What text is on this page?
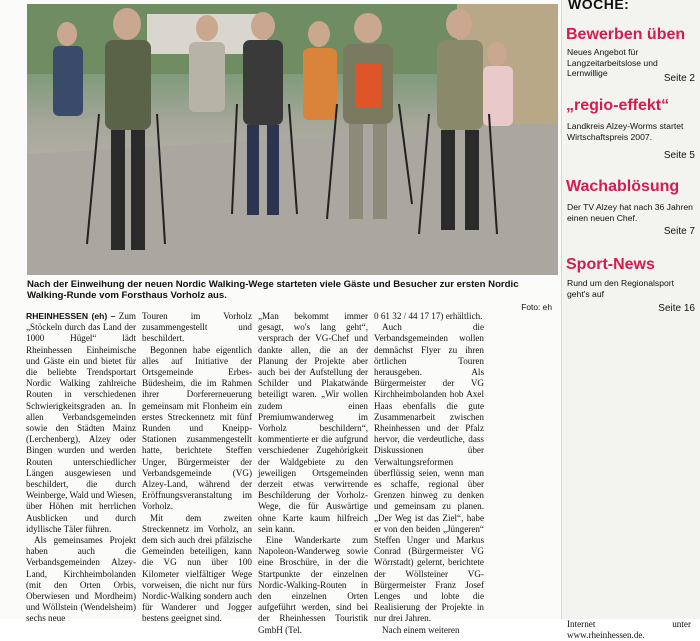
Nach der Einweihung der neuen Nordic Walking-Wege starteten viele Gäste und Besucher zur ersten Nordic Walking-Runde vom Forsthaus Vorholz aus.
Foto: eh

RHEINHESSEN (eh) – Zum „Stöckeln durch das Land der 1000 Hügel“ lädt Rheinhessen Einheimische und Gäste ein und bietet für die beliebte Trendsportart Nordic Walking zahlreiche Routen in verschiedenen Schwierigkeitsgraden an. In allen Verbandsgemeinden sowie den Städten Mainz (Lerchenberg), Alzey oder Bingen wurden und werden Routen unterschiedlicher Längen ausgewiesen und beschildert, die durch Weinberge, Wald und Wiesen, über Höhen mit herrlichen Ausblicken und durch idyllische Täler führen.

Als gemeinsames Projekt haben auch die Verbandsgemeinden Alzey-Land, Kirchheimbolanden (mit den Orten Orbis, Oberwiesen und Mordheim) und Wöllstein (Wendelsheim) sechs neue

Touren im Vorholz zusammengestellt und beschildert.

Begonnen habe eigentlich alles auf Initiative der Ortsgemeinde Erbes-Büdesheim, die im Rahmen ihrer Dorfererneuerung gemeinsam mit Flonheim ein erstes Streckennetz mit fünf Runden und Kneipp-Stationen zusammengestellt hatte, berichtete Steffen Unger, Bürgermeister der Verbandsgemeinde (VG) Alzey-Land, während der Eröffnungsveranstaltung im Vorholz.

Mit dem zweiten Streckennetz im Vorholz, an dem sich auch drei pfälzische Gemeinden beteiligen, kann die VG nun über 100 Kilometer vielfältiger Wege vorweisen, die nicht nur fürs Nordic-Walking sondern auch für Wanderer und Jogger bestens geeignet sind.

„Man bekommt immer gesagt, wo's lang geht“, versprach der VG-Chef und dankte allen, die an der Planung der Projekte aber auch bei der Aufstellung der Schilder und Plakatwände beteiligt waren. „Wir wollen zudem einen Premiumwanderweg im Vorholz beschildern“, kommentierte er die aufgrund verschiedener Zugehörigkeit der Waldgebiete zu den jeweiligen Ortsgemeinden derzeit etwas verwirrende Beschilderung der Vorholz-Wege, die für Auswärtige ohne Karte kaum hilfreich sein kann.

Eine Wanderkarte zum Napoleon-Wanderweg sowie eine Broschüre, in der die Startpunkte der einzelnen Nordic-Walking-Routen in den einzelnen Orten aufgeführt werden, sind bei der Rheinhessen Touristik GmbH (Tel.

0 61 32 / 44 17 17) erhältlich.

Auch die Verbandsgemeinden wollen demnächst Flyer zu ihren örtlichen Touren herausgeben. Als Bürgermeister der VG Kirchheimbolanden hob Axel Haas ebenfalls die gute Zusammenarbeit zwischen Rheinhessen und der Pfalz hervor, die verdeutliche, dass Diskussionen über Verwaltungsreformen überflüssig seien, wenn man es schaffe, regional über Grenzen hinweg zu denken und gemeinsam zu planen. „Der Weg ist das Ziel“, habe er von den beiden „Jüngeren“ Steffen Unger und Markus Conrad (Bürgermeister VG Wörrstadt) gelernt, berichtete der Wöllsteiner VG-Bürgermeister Franz Josef Lenges und lobte die Realisierung der Projekte in nur drei Jahren.

Nach einem weiteren

Internet unter www.rheinhessen.de.

WOCHE:
Bewerben üben
Neues Angebot für Langzeitarbeitslose und Lernwillige	Seite 2
„regio-effekt“
Landkreis Alzey-Worms startet Wirtschaftspreis 2007.
Seite 5
Wachablösung
Der TV Alzey hat nach 36 Jahren einen neuen Chef.
Seite 7
Sport-News
Rund um den Regionalsport geht's auf
Seite 16
